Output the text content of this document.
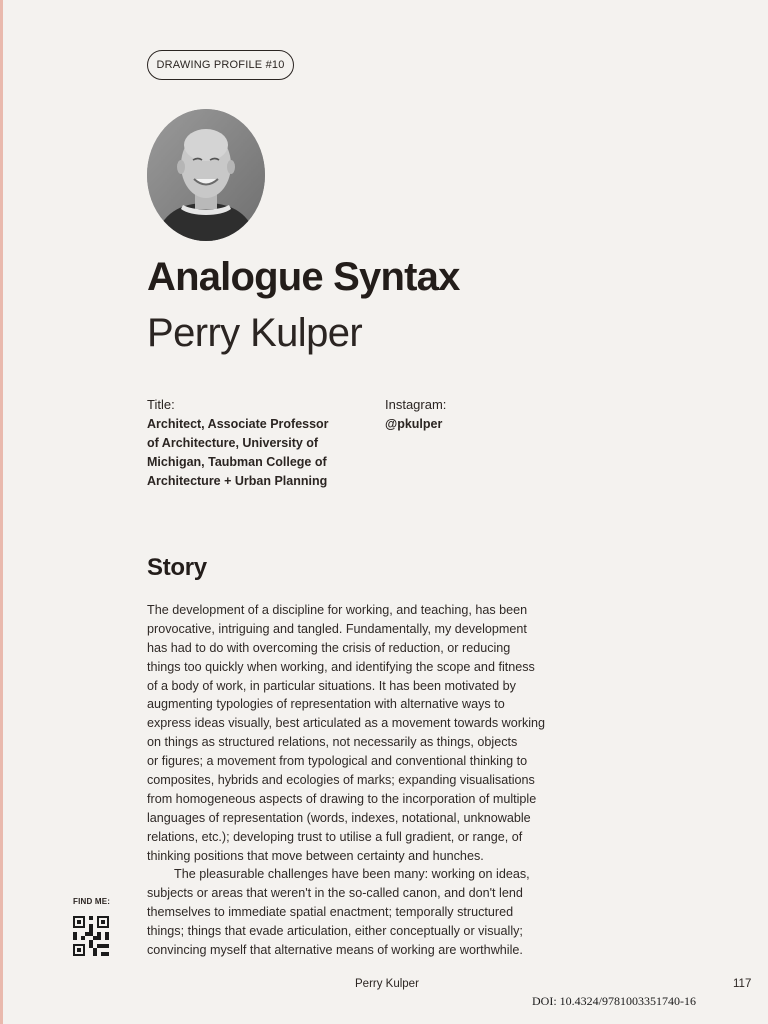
DRAWING PROFILE #10
Analogue Syntax
Perry Kulper
Title:
Architect, Associate Professor
of Architecture, University of
Michigan, Taubman College of
Architecture + Urban Planning
Instagram:
@pkulper
Story
The development of a discipline for working, and teaching, has been
provocative, intriguing and tangled. Fundamentally, my development
has had to do with overcoming the crisis of reduction, or reducing
things too quickly when working, and identifying the scope and fitness
of a body of work, in particular situations. It has been motivated by
augmenting typologies of representation with alternative ways to
express ideas visually, best articulated as a movement towards working
on things as structured relations, not necessarily as things, objects
or figures; a movement from typological and conventional thinking to
composites, hybrids and ecologies of marks; expanding visualisations
from homogeneous aspects of drawing to the incorporation of multiple
languages of representation (words, indexes, notational, unknowable
relations, etc.); developing trust to utilise a full gradient, or range, of
thinking positions that move between certainty and hunches.
The pleasurable challenges have been many: working on ideas,
subjects or areas that weren't in the so-called canon, and don't lend
themselves to immediate spatial enactment; temporally structured
things; things that evade articulation, either conceptually or visually;
convincing myself that alternative means of working are worthwhile.
FIND ME:
Perry Kulper	117
DOI: 10.4324/9781003351740-16
